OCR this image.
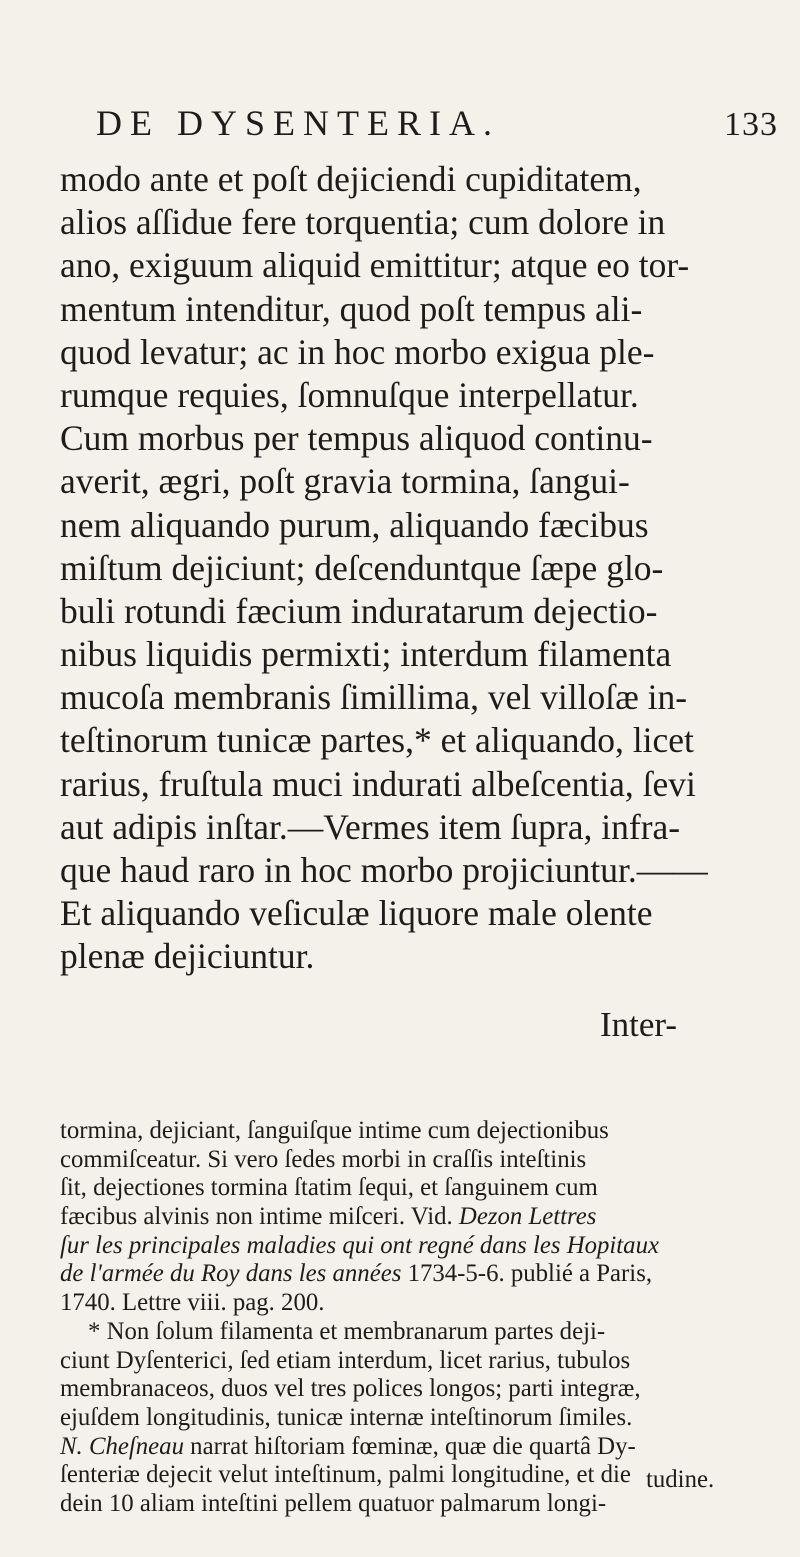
DE DYSENTERIA.	133
modo ante et poſt dejiciendi cupiditatem,
alios aſſidue fere torquentia; cum dolore in
ano, exiguum aliquid emittitur; atque eo tor-
mentum intenditur, quod poſt tempus ali-
quod levatur; ac in hoc morbo exigua ple-
rumque requies, ſomnuſque interpellatur.
Cum morbus per tempus aliquod continu-
averit, ægri, poſt gravia tormina, ſangui-
nem aliquando purum, aliquando fæcibus
miſtum dejiciunt; deſcenduntque ſæpe glo-
buli rotundi fæcium induratarum dejectio-
nibus liquidis permixti; interdum filamenta
mucoſa membranis ſimillima, vel villoſæ in-
teſtinorum tunicæ partes,* et aliquando, licet
rarius, fruſtula muci indurati albeſcentia, ſevi
aut adipis inſtar.—Vermes item ſupra, infra-
que haud raro in hoc morbo projiciuntur.——
Et aliquando veſiculæ liquore male olente
plenæ dejiciuntur.
Inter-
tormina, dejiciant, ſanguiſque intime cum dejectionibus
commiſceatur. Si vero ſedes morbi in craſſis inteſtinis
ſit, dejectiones tormina ſtatim ſequi, et ſanguinem cum
fæcibus alvinis non intime miſceri. Vid. Dezon Lettres
ſur les principales maladies qui ont regné dans les Hopitaux
de l'armée du Roy dans les années 1734-5-6. publié a Paris,
1740. Lettre viii. pag. 200.
* Non ſolum filamenta et membranarum partes deji-
ciunt Dyſenterici, ſed etiam interdum, licet rarius, tubulos
membranaceos, duos vel tres polices longos; parti integræ,
ejuſdem longitudinis, tunicæ internæ inteſtinorum ſimiles.
N. Cheſneau narrat hiſtoriam fœminæ, quæ die quartâ Dy-
ſenteriæ dejecit velut inteſtinum, palmi longitudine, et die
dein 10 aliam inteſtini pellem quatuor palmarum longi-
tudine.
